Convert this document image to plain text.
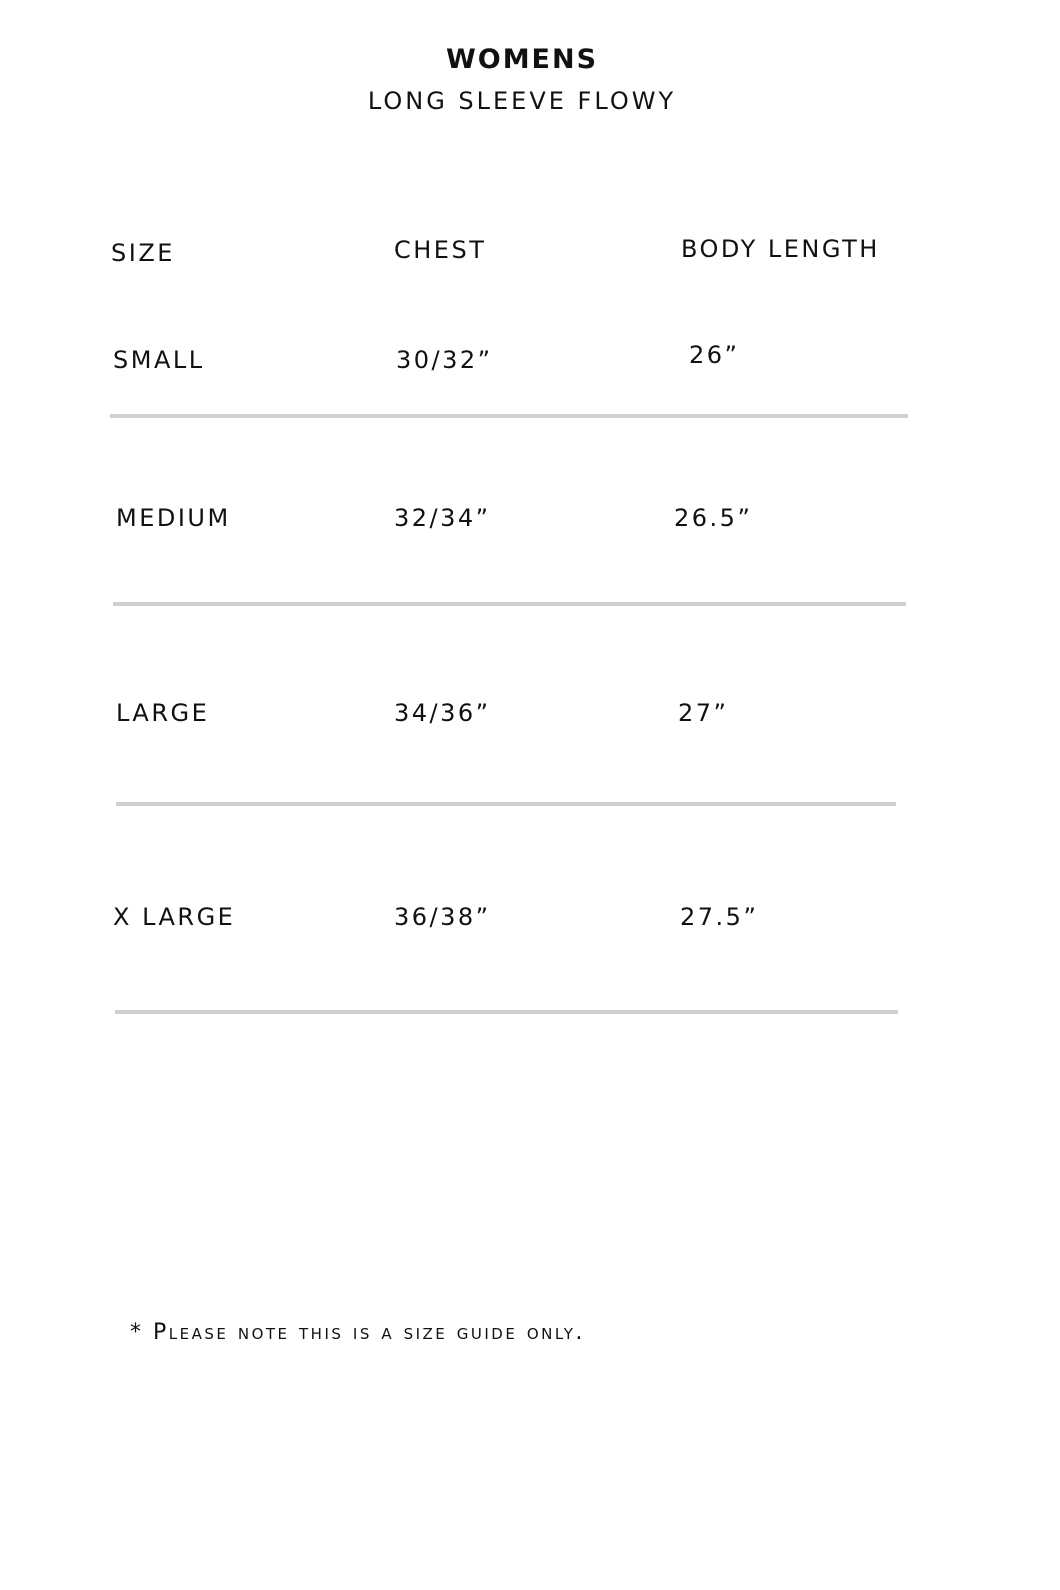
WOMENS
LONG SLEEVE FLOWY
SIZE	CHEST	BODY LENGTH
SMALL	30/32”	26”
MEDIUM	32/34”	26.5”
LARGE	34/36”	27”
X LARGE	36/38”	27.5”
* Please note this is a size guide only.
